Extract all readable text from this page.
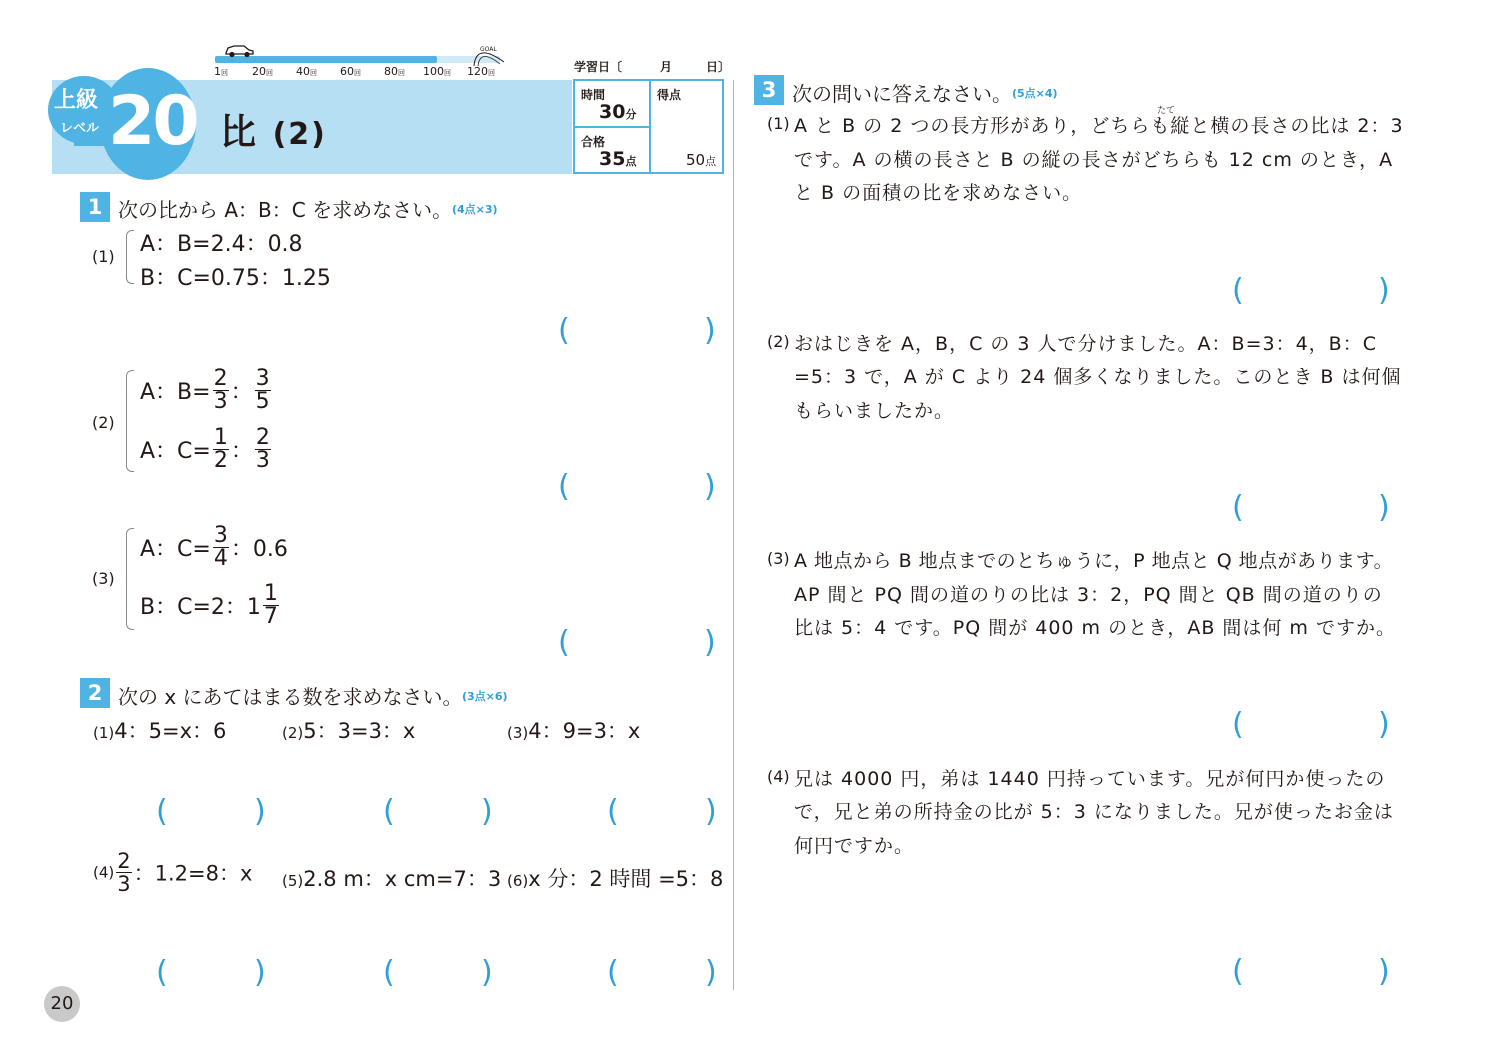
GOAL
1回 20回 40回 60回 80回 100回 120回
上級
レベル 20 比 (2)
学習日〔	月	日〕
時間
30分
合格
35点
得点
50点
1 次の比から A：B：C を求めなさい。 (4点×3)
(1) A：B=2.4：0.8
B：C=0.75：1.25
(	)
(2)
A：$B= \frac{2}{3}$ ： $\frac{3}{5}$
A：$C= \frac{1}{2}$ ： $\frac{2}{3}$
(	)
(3)
A：$C= \frac{3}{4}$ ：0.6
B：C=2：$1 \frac{1}{7}$
(	)
2 次の x にあてはまる数を求めなさい。 (3点×6)
(1)4：5=x：6	(2)5：3=3：x	(3)4：9=3：x
(	)	(	)	(	)
$(4) \frac{2}{3}$ ：1.2=8：x (5)2.8 m：x cm=7：3 (6)x 分：2 時間 =5：8
(	)	(	)	(	)
3 次の問いに答えなさい。 (5点×4)
たて
(1) A と B の 2 つの長方形があり，どちらも縦と横の長さの比は 2：3
です。A の横の長さと B の縦の長さがどちらも 12 cm のとき，A
と B の面積の比を求めなさい。
(	)
(2) おはじきを A，B，C の 3 人で分けました。A：B=3：4，B：C
=5：3 で，A が C より 24 個多くなりました。このとき B は何個
もらいましたか。
(	)
(3) A 地点から B 地点までのとちゅうに，P 地点と Q 地点があります。
AP 間と PQ 間の道のりの比は 3：2，PQ 間と QB 間の道のりの
比は 5：4 です。PQ 間が 400 m のとき，AB 間は何 m ですか。
(	)
(4) 兄は 4000 円，弟は 1440 円持っています。兄が何円か使ったの
で，兄と弟の所持金の比が 5：3 になりました。兄が使ったお金は
何円ですか。
(	)
20
